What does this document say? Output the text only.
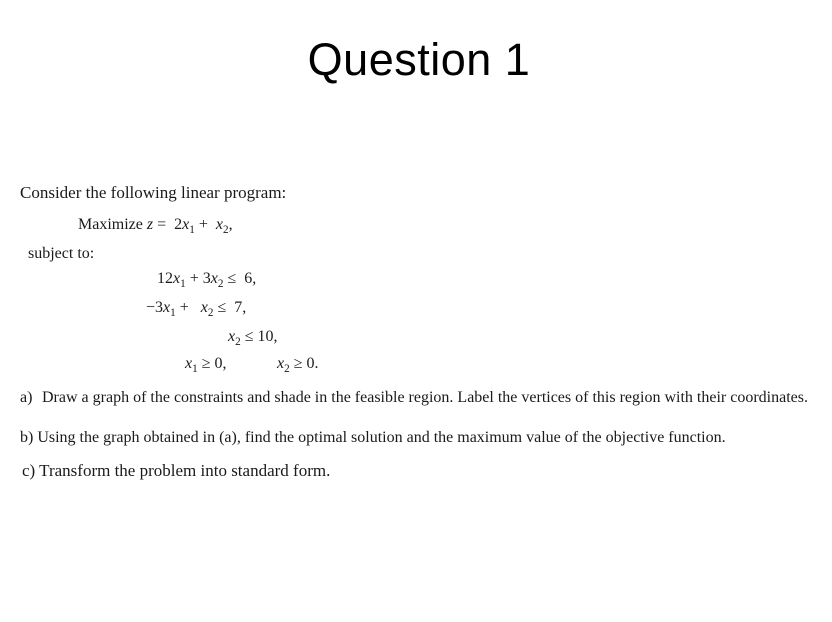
Question 1
Consider the following linear program:
Maximize $z = 2x_1 + x_2$,
subject to:
$12x_1 + 3x_2 \le 6$,
$-3x_1 + x_2 \le 7$,
$x_2 \le 10$,
$x_1 \ge 0$,	$x_2 \ge 0$.
a) Draw a graph of the constraints and shade in the feasible region. Label the vertices of this region with their coordinates.
b) Using the graph obtained in (a), find the optimal solution and the maximum value of the objective function.
c) Transform the problem into standard form.
